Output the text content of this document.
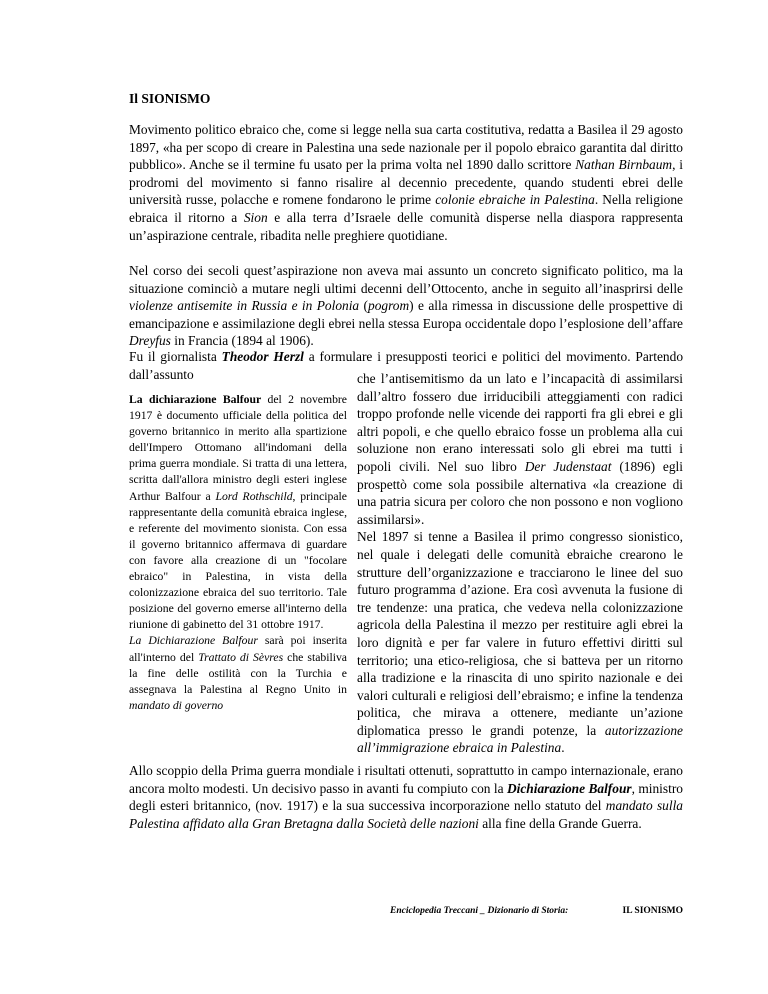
Il SIONISMO

Movimento politico ebraico che, come si legge nella sua carta costitutiva, redatta a Basilea il 29 agosto 1897, «ha per scopo di creare in Palestina una sede nazionale per il popolo ebraico garantita dal diritto pubblico». Anche se il termine fu usato per la prima volta nel 1890 dallo scrittore Nathan Birnbaum, i prodromi del movimento si fanno risalire al decennio precedente, quando studenti ebrei delle università russe, polacche e romene fondarono le prime colonie ebraiche in Palestina. Nella religione ebraica il ritorno a Sion e alla terra d’Israele delle comunità disperse nella diaspora rappresenta un’aspirazione centrale, ribadita nelle preghiere quotidiane.

Nel corso dei secoli quest’aspirazione non aveva mai assunto un concreto significato politico, ma la situazione cominciò a mutare negli ultimi decenni dell’Ottocento, anche in seguito all’inasprirsi delle violenze antisemite in Russia e in Polonia (pogrom) e alla rimessa in discussione delle prospettive di emancipazione e assimilazione degli ebrei nella stessa Europa occidentale dopo l’esplosione dell’affare Dreyfus in Francia (1894 al 1906).

Fu il giornalista Theodor Herzl a formulare i presupposti teorici e politici del movimento. Partendo dall’assunto

La dichiarazione Balfour del 2 novembre 1917 è documento ufficiale della politica del governo britannico in merito alla spartizione dell'Impero Ottomano all'indomani della prima guerra mondiale. Si tratta di una lettera, scritta dall'allora ministro degli esteri inglese Arthur Balfour a Lord Rothschild, principale rappresentante della comunità ebraica inglese, e referente del movimento sionista. Con essa il governo britannico affermava di guardare con favore alla creazione di un "focolare ebraico" in Palestina, in vista della colonizzazione ebraica del suo territorio. Tale posizione del governo emerse all'interno della riunione di gabinetto del 31 ottobre 1917.

La Dichiarazione Balfour sarà poi inserita all'interno del Trattato di Sèvres che stabiliva la fine delle ostilità con la Turchia e assegnava la Palestina al Regno Unito in mandato di governo

che l’antisemitismo da un lato e l’incapacità di assimilarsi dall’altro fossero due irriducibili atteggiamenti con radici troppo profonde nelle vicende dei rapporti fra gli ebrei e gli altri popoli, e che quello ebraico fosse un problema alla cui soluzione non erano interessati solo gli ebrei ma tutti i popoli civili. Nel suo libro Der Judenstaat (1896) egli prospettò come sola possibile alternativa «la creazione di una patria sicura per coloro che non possono e non vogliono assimilarsi».

Nel 1897 si tenne a Basilea il primo congresso sionistico, nel quale i delegati delle comunità ebraiche crearono le strutture dell’organizzazione e tracciarono le linee del suo futuro programma d’azione. Era così avvenuta la fusione di tre tendenze: una pratica, che vedeva nella colonizzazione agricola della Palestina il mezzo per restituire agli ebrei la loro dignità e per far valere in futuro effettivi diritti sul territorio; una etico-religiosa, che si batteva per un ritorno alla tradizione e la rinascita di uno spirito nazionale e dei valori culturali e religiosi dell’ebraismo; e infine la tendenza politica, che mirava a ottenere, mediante un’azione diplomatica presso le grandi potenze, la autorizzazione all’immigrazione ebraica in Palestina.

Allo scoppio della Prima guerra mondiale i risultati ottenuti, soprattutto in campo internazionale, erano ancora molto modesti. Un decisivo passo in avanti fu compiuto con la Dichiarazione Balfour, ministro degli esteri britannico, (nov. 1917) e la sua successiva incorporazione nello statuto del mandato sulla Palestina affidato alla Gran Bretagna dalla Società delle nazioni alla fine della Grande Guerra.

Enciclopedia Treccani _ Dizionario di Storia:	IL SIONISMO
